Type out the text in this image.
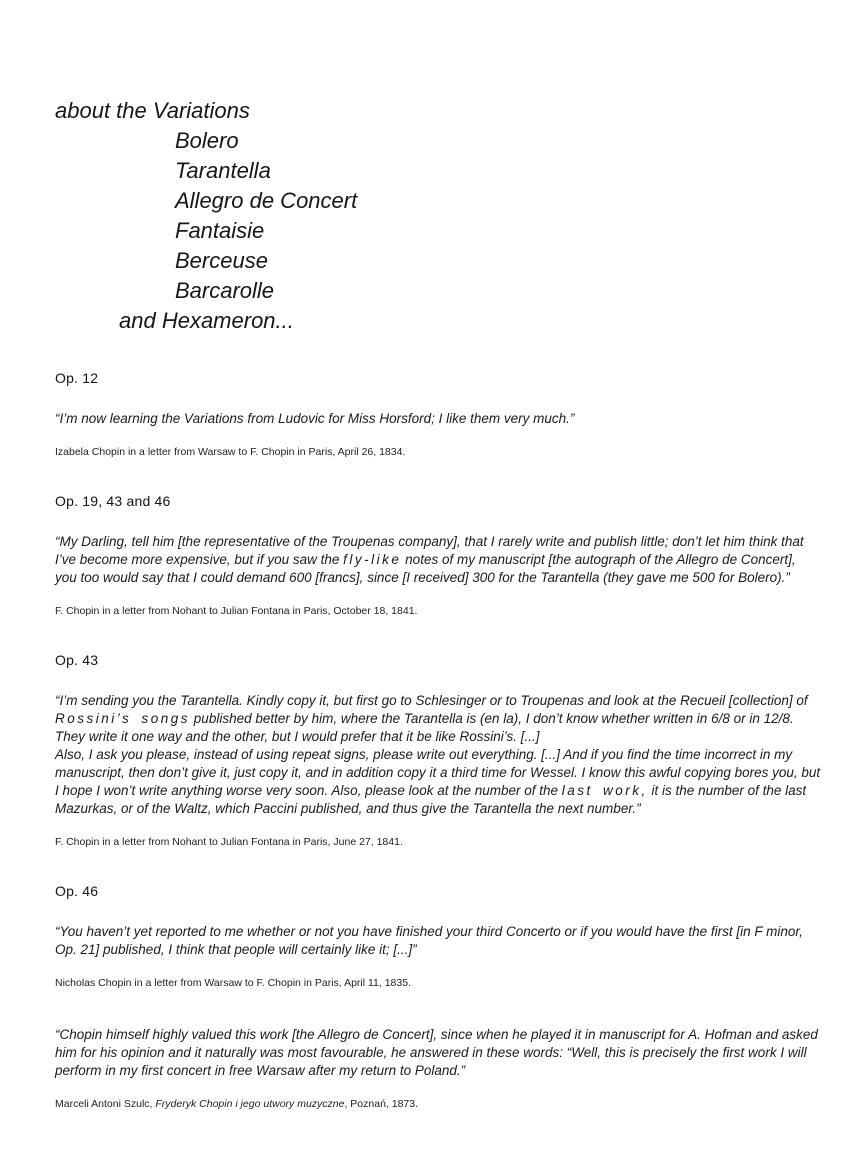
about the Variations
Bolero
Tarantella
Allegro de Concert
Fantaisie
Berceuse
Barcarolle
and Hexameron...
Op. 12

“I’m now learning the Variations from Ludovic for Miss Horsford; I like them very much.”

Izabela Chopin in a letter from Warsaw to F. Chopin in Paris, April 26, 1834.

Op. 19, 43 and 46

“My Darling, tell him [the representative of the Troupenas company], that I rarely write and publish little; don’t let him think that I’ve become more expensive, but if you saw the fly-like notes of my manuscript [the autograph of the Allegro de Concert], you too would say that I could demand 600 [francs], since [I received] 300 for the Tarantella (they gave me 500 for Bolero).”

F. Chopin in a letter from Nohant to Julian Fontana in Paris, October 18, 1841.

Op. 43

“I’m sending you the Tarantella. Kindly copy it, but first go to Schlesinger or to Troupenas and look at the Recueil [collection] of Rossini’s songs published better by him, where the Tarantella is (en la), I don’t know whether written in 6/8 or in 12/8. They write it one way and the other, but I would prefer that it be like Rossini’s. [...]
Also, I ask you please, instead of using repeat signs, please write out everything. [...] And if you find the time incorrect in my manuscript, then don’t give it, just copy it, and in addition copy it a third time for Wessel. I know this awful copying bores you, but I hope I won’t write anything worse very soon. Also, please look at the number of the last work, it is the number of the last Mazurkas, or of the Waltz, which Paccini published, and thus give the Tarantella the next number.”

F. Chopin in a letter from Nohant to Julian Fontana in Paris, June 27, 1841.

Op. 46

“You haven’t yet reported to me whether or not you have finished your third Concerto or if you would have the first [in F minor, Op. 21] published, I think that people will certainly like it; [...]”

Nicholas Chopin in a letter from Warsaw to F. Chopin in Paris, April 11, 1835.

“Chopin himself highly valued this work [the Allegro de Concert], since when he played it in manuscript for A. Hofman and asked him for his opinion and it naturally was most favourable, he answered in these words: “Well, this is precisely the first work I will perform in my first concert in free Warsaw after my return to Poland.”

Marceli Antoni Szulc, Fryderyk Chopin i jego utwory muzyczne, Poznań, 1873.
